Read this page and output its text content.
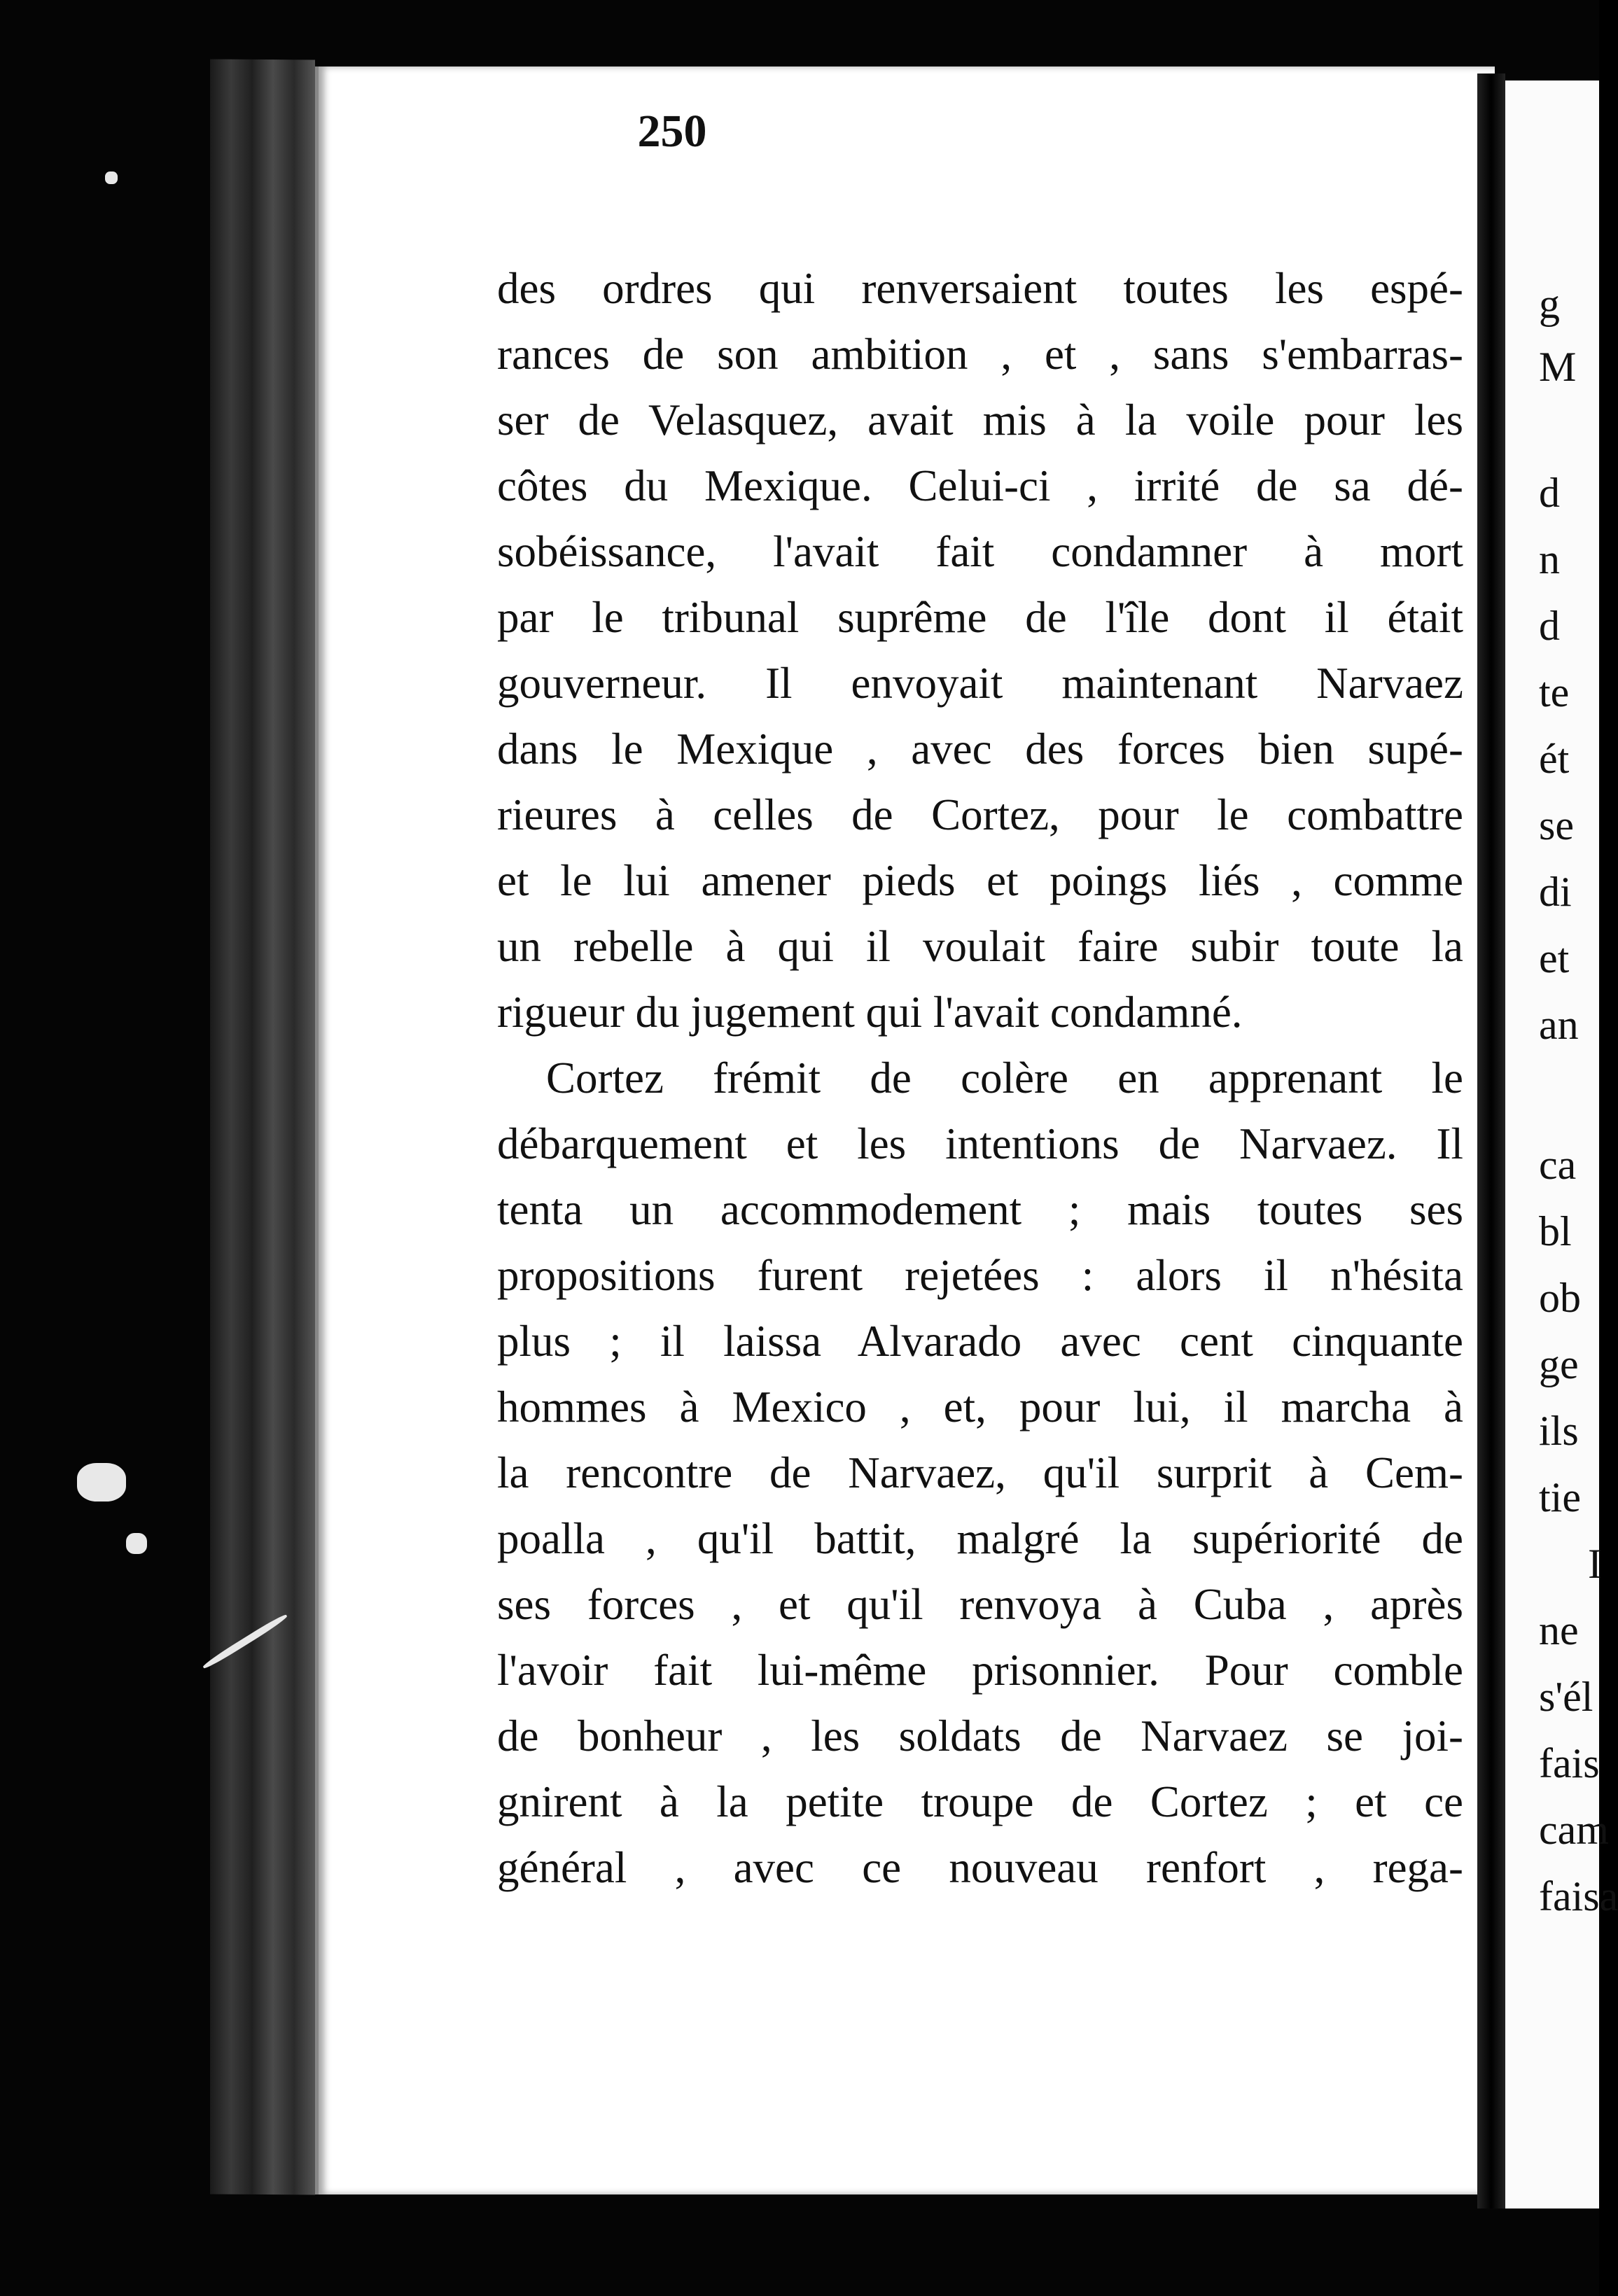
250
des ordres qui renversaient toutes les espé-
rances de son ambition , et , sans s'embarras-
ser de Velasquez, avait mis à la voile pour les
côtes du Mexique. Celui-ci , irrité de sa dé-
sobéissance, l'avait fait condamner à mort
par le tribunal suprême de l'île dont il était
gouverneur. Il envoyait maintenant Narvaez
dans le Mexique , avec des forces bien supé-
rieures à celles de Cortez, pour le combattre
et le lui amener pieds et poings liés , comme
un rebelle à qui il voulait faire subir toute la
rigueur du jugement qui l'avait condamné.
Cortez frémit de colère en apprenant le
débarquement et les intentions de Narvaez. Il
tenta un accommodement ; mais toutes ses
propositions furent rejetées : alors il n'hésita
plus ; il laissa Alvarado avec cent cinquante
hommes à Mexico , et, pour lui, il marcha à
la rencontre de Narvaez, qu'il surprit à Cem-
poalla , qu'il battit, malgré la supériorité de
ses forces , et qu'il renvoya à Cuba , après
l'avoir fait lui-même prisonnier. Pour comble
de bonheur , les soldats de Narvaez se joi-
gnirent à la petite troupe de Cortez ; et ce
général , avec ce nouveau renfort , rega-
g
M
d
n
d
te
ét
se
di
et
an
ca
bl
ob
ge
ils
tie
I
ne
s'él
fais
cam
faisa
